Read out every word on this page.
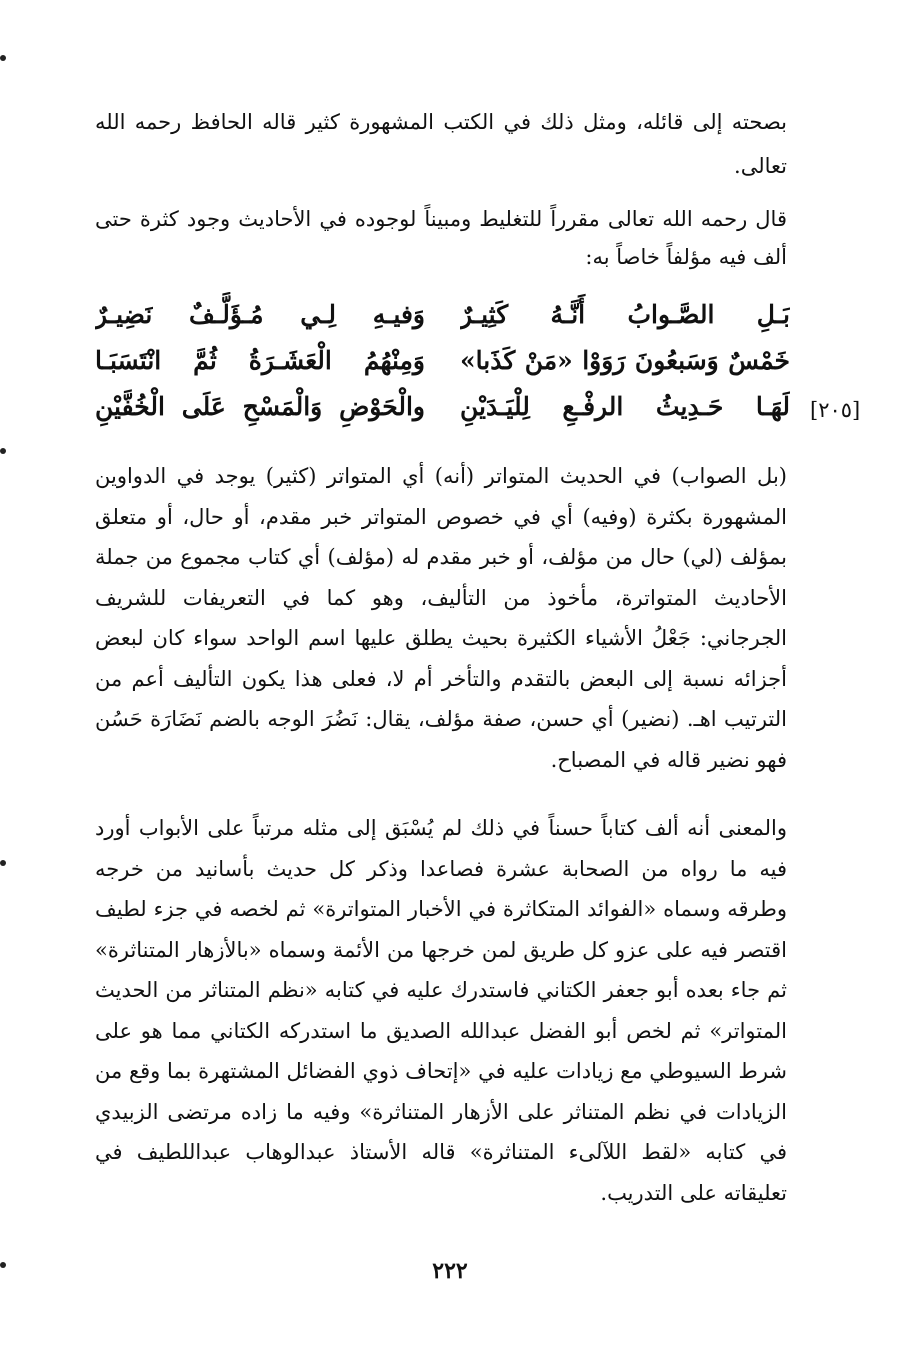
بصحته إلى قائله، ومثل ذلك في الكتب المشهورة كثير قاله الحافظ رحمه الله تعالى.

قال رحمه الله تعالى مقرراً للتغليط ومبيناً لوجوده في الأحاديث وجود كثرة حتى ألف فيه مؤلفاً خاصاً به:

بَـلِ الصَّـوابُ أَنَّـهُ كَثِيـرٌ
وَفيـهِ لِـي مُـؤَلَّـفٌ نَضِيـرٌ
خَمْسٌ وَسَبعُونَ رَوَوْا «مَنْ كَذَبا»
وَمِنْهُمُ الْعَشَـرَةُ ثُمَّ انْتَسَبَـا
لَهَـا حَـدِيثُ الرفْـعِ لِلْيَـدَيْنِ
والْحَوْضِ وَالْمَسْحِ عَلَى الْخُفَّيْنِ	[٢٠٥]

(بل الصواب) في الحديث المتواتر (أنه) أي المتواتر (كثير) يوجد في الدواوين المشهورة بكثرة (وفيه) أي في خصوص المتواتر خبر مقدم، أو حال، أو متعلق بمؤلف (لي) حال من مؤلف، أو خبر مقدم له (مؤلف) أي كتاب مجموع من جملة الأحاديث المتواترة، مأخوذ من التأليف، وهو كما في التعريفات للشريف الجرجاني: جَعْلُ الأشياء الكثيرة بحيث يطلق عليها اسم الواحد سواء كان لبعض أجزائه نسبة إلى البعض بالتقدم والتأخر أم لا، فعلى هذا يكون التأليف أعم من الترتيب اهـ. (نضير) أي حسن، صفة مؤلف، يقال: نَضُرَ الوجه بالضم نَضَارَة حَسُن فهو نضير قاله في المصباح.

والمعنى أنه ألف كتاباً حسناً في ذلك لم يُسْبَق إلى مثله مرتباً على الأبواب أورد فيه ما رواه من الصحابة عشرة فصاعدا وذكر كل حديث بأسانيد من خرجه وطرقه وسماه «الفوائد المتكاثرة في الأخبار المتواترة» ثم لخصه في جزء لطيف اقتصر فيه على عزو كل طريق لمن خرجها من الأئمة وسماه «بالأزهار المتناثرة» ثم جاء بعده أبو جعفر الكتاني فاستدرك عليه في كتابه «نظم المتناثر من الحديث المتواتر» ثم لخص أبو الفضل عبدالله الصديق ما استدركه الكتاني مما هو على شرط السيوطي مع زيادات عليه في «إتحاف ذوي الفضائل المشتهرة بما وقع من الزيادات في نظم المتناثر على الأزهار المتناثرة» وفيه ما زاده مرتضى الزبيدي في كتابه «لقط اللآلىء المتناثرة» قاله الأستاذ عبدالوهاب عبداللطيف في تعليقاته على التدريب.

٢٢٢
